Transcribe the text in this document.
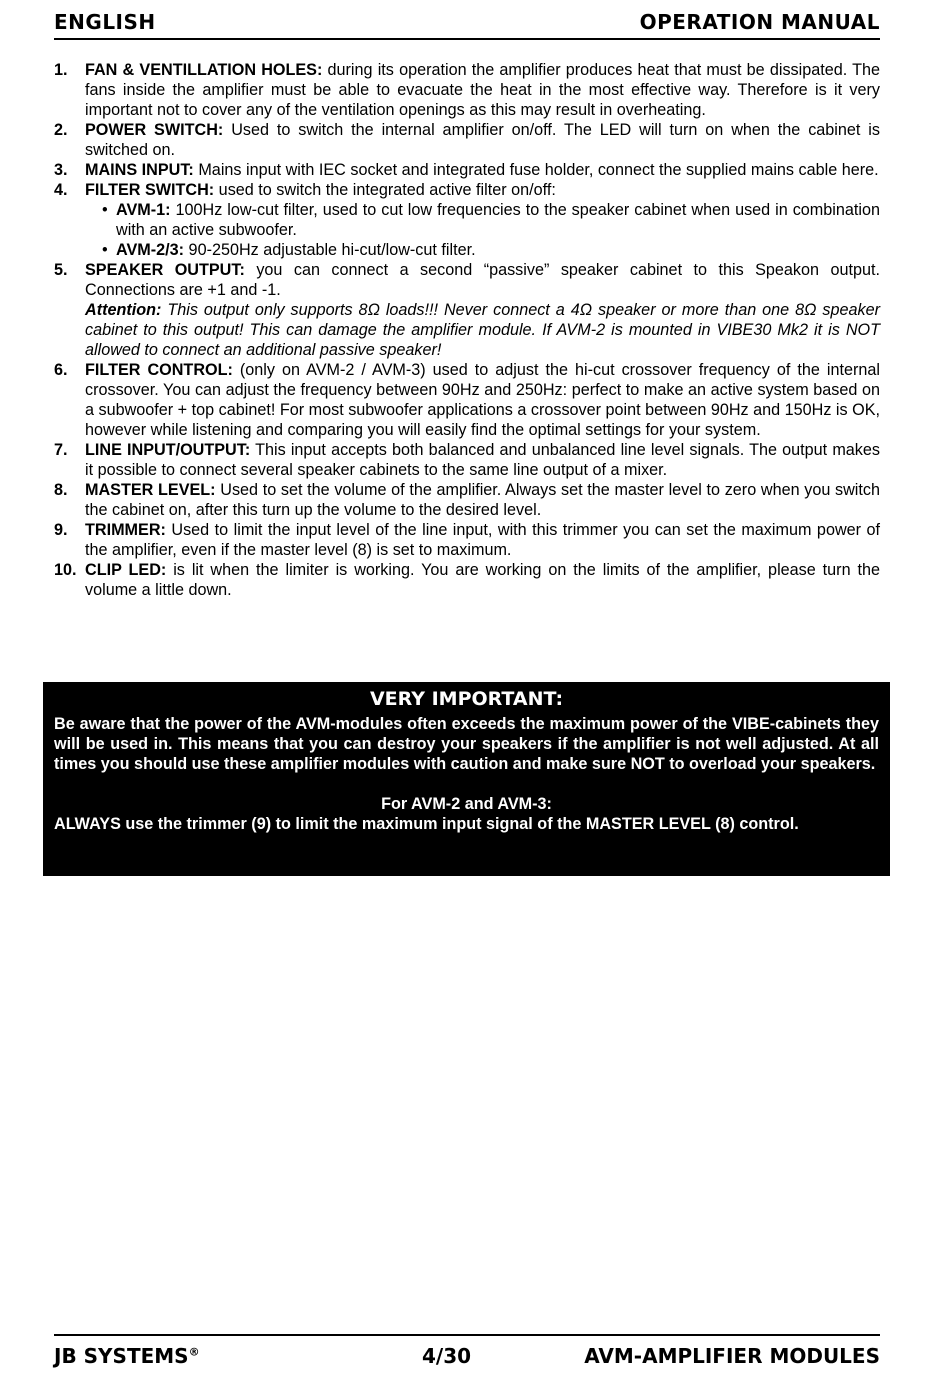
ENGLISH	OPERATION MANUAL
1. FAN & VENTILLATION HOLES: during its operation the amplifier produces heat that must be dissipated. The fans inside the amplifier must be able to evacuate the heat in the most effective way. Therefore is it very important not to cover any of the ventilation openings as this may result in overheating.
2. POWER SWITCH: Used to switch the internal amplifier on/off. The LED will turn on when the cabinet is switched on.
3. MAINS INPUT: Mains input with IEC socket and integrated fuse holder, connect the supplied mains cable here.
4. FILTER SWITCH: used to switch the integrated active filter on/off:
• AVM-1: 100Hz low-cut filter, used to cut low frequencies to the speaker cabinet when used in combination with an active subwoofer.
• AVM-2/3: 90-250Hz adjustable hi-cut/low-cut filter.
5. SPEAKER OUTPUT: you can connect a second “passive” speaker cabinet to this Speakon output. Connections are +1 and -1.
Attention: This output only supports 8Ω loads!!! Never connect a 4Ω speaker or more than one 8Ω speaker cabinet to this output! This can damage the amplifier module. If AVM-2 is mounted in VIBE30 Mk2 it is NOT allowed to connect an additional passive speaker!
6. FILTER CONTROL: (only on AVM-2 / AVM-3) used to adjust the hi-cut crossover frequency of the internal crossover. You can adjust the frequency between 90Hz and 250Hz: perfect to make an active system based on a subwoofer + top cabinet! For most subwoofer applications a crossover point between 90Hz and 150Hz is OK, however while listening and comparing you will easily find the optimal settings for your system.
7. LINE INPUT/OUTPUT: This input accepts both balanced and unbalanced line level signals. The output makes it possible to connect several speaker cabinets to the same line output of a mixer.
8. MASTER LEVEL: Used to set the volume of the amplifier. Always set the master level to zero when you switch the cabinet on, after this turn up the volume to the desired level.
9. TRIMMER: Used to limit the input level of the line input, with this trimmer you can set the maximum power of the amplifier, even if the master level (8) is set to maximum.
10. CLIP LED: is lit when the limiter is working. You are working on the limits of the amplifier, please turn the volume a little down.
VERY IMPORTANT:
Be aware that the power of the AVM-modules often exceeds the maximum power of the VIBE-cabinets they will be used in. This means that you can destroy your speakers if the amplifier is not well adjusted. At all times you should use these amplifier modules with caution and make sure NOT to overload your speakers.
For AVM-2 and AVM-3:
ALWAYS use the trimmer (9) to limit the maximum input signal of the MASTER LEVEL (8) control.
JB SYSTEMS®	4/30	AVM-AMPLIFIER MODULES
